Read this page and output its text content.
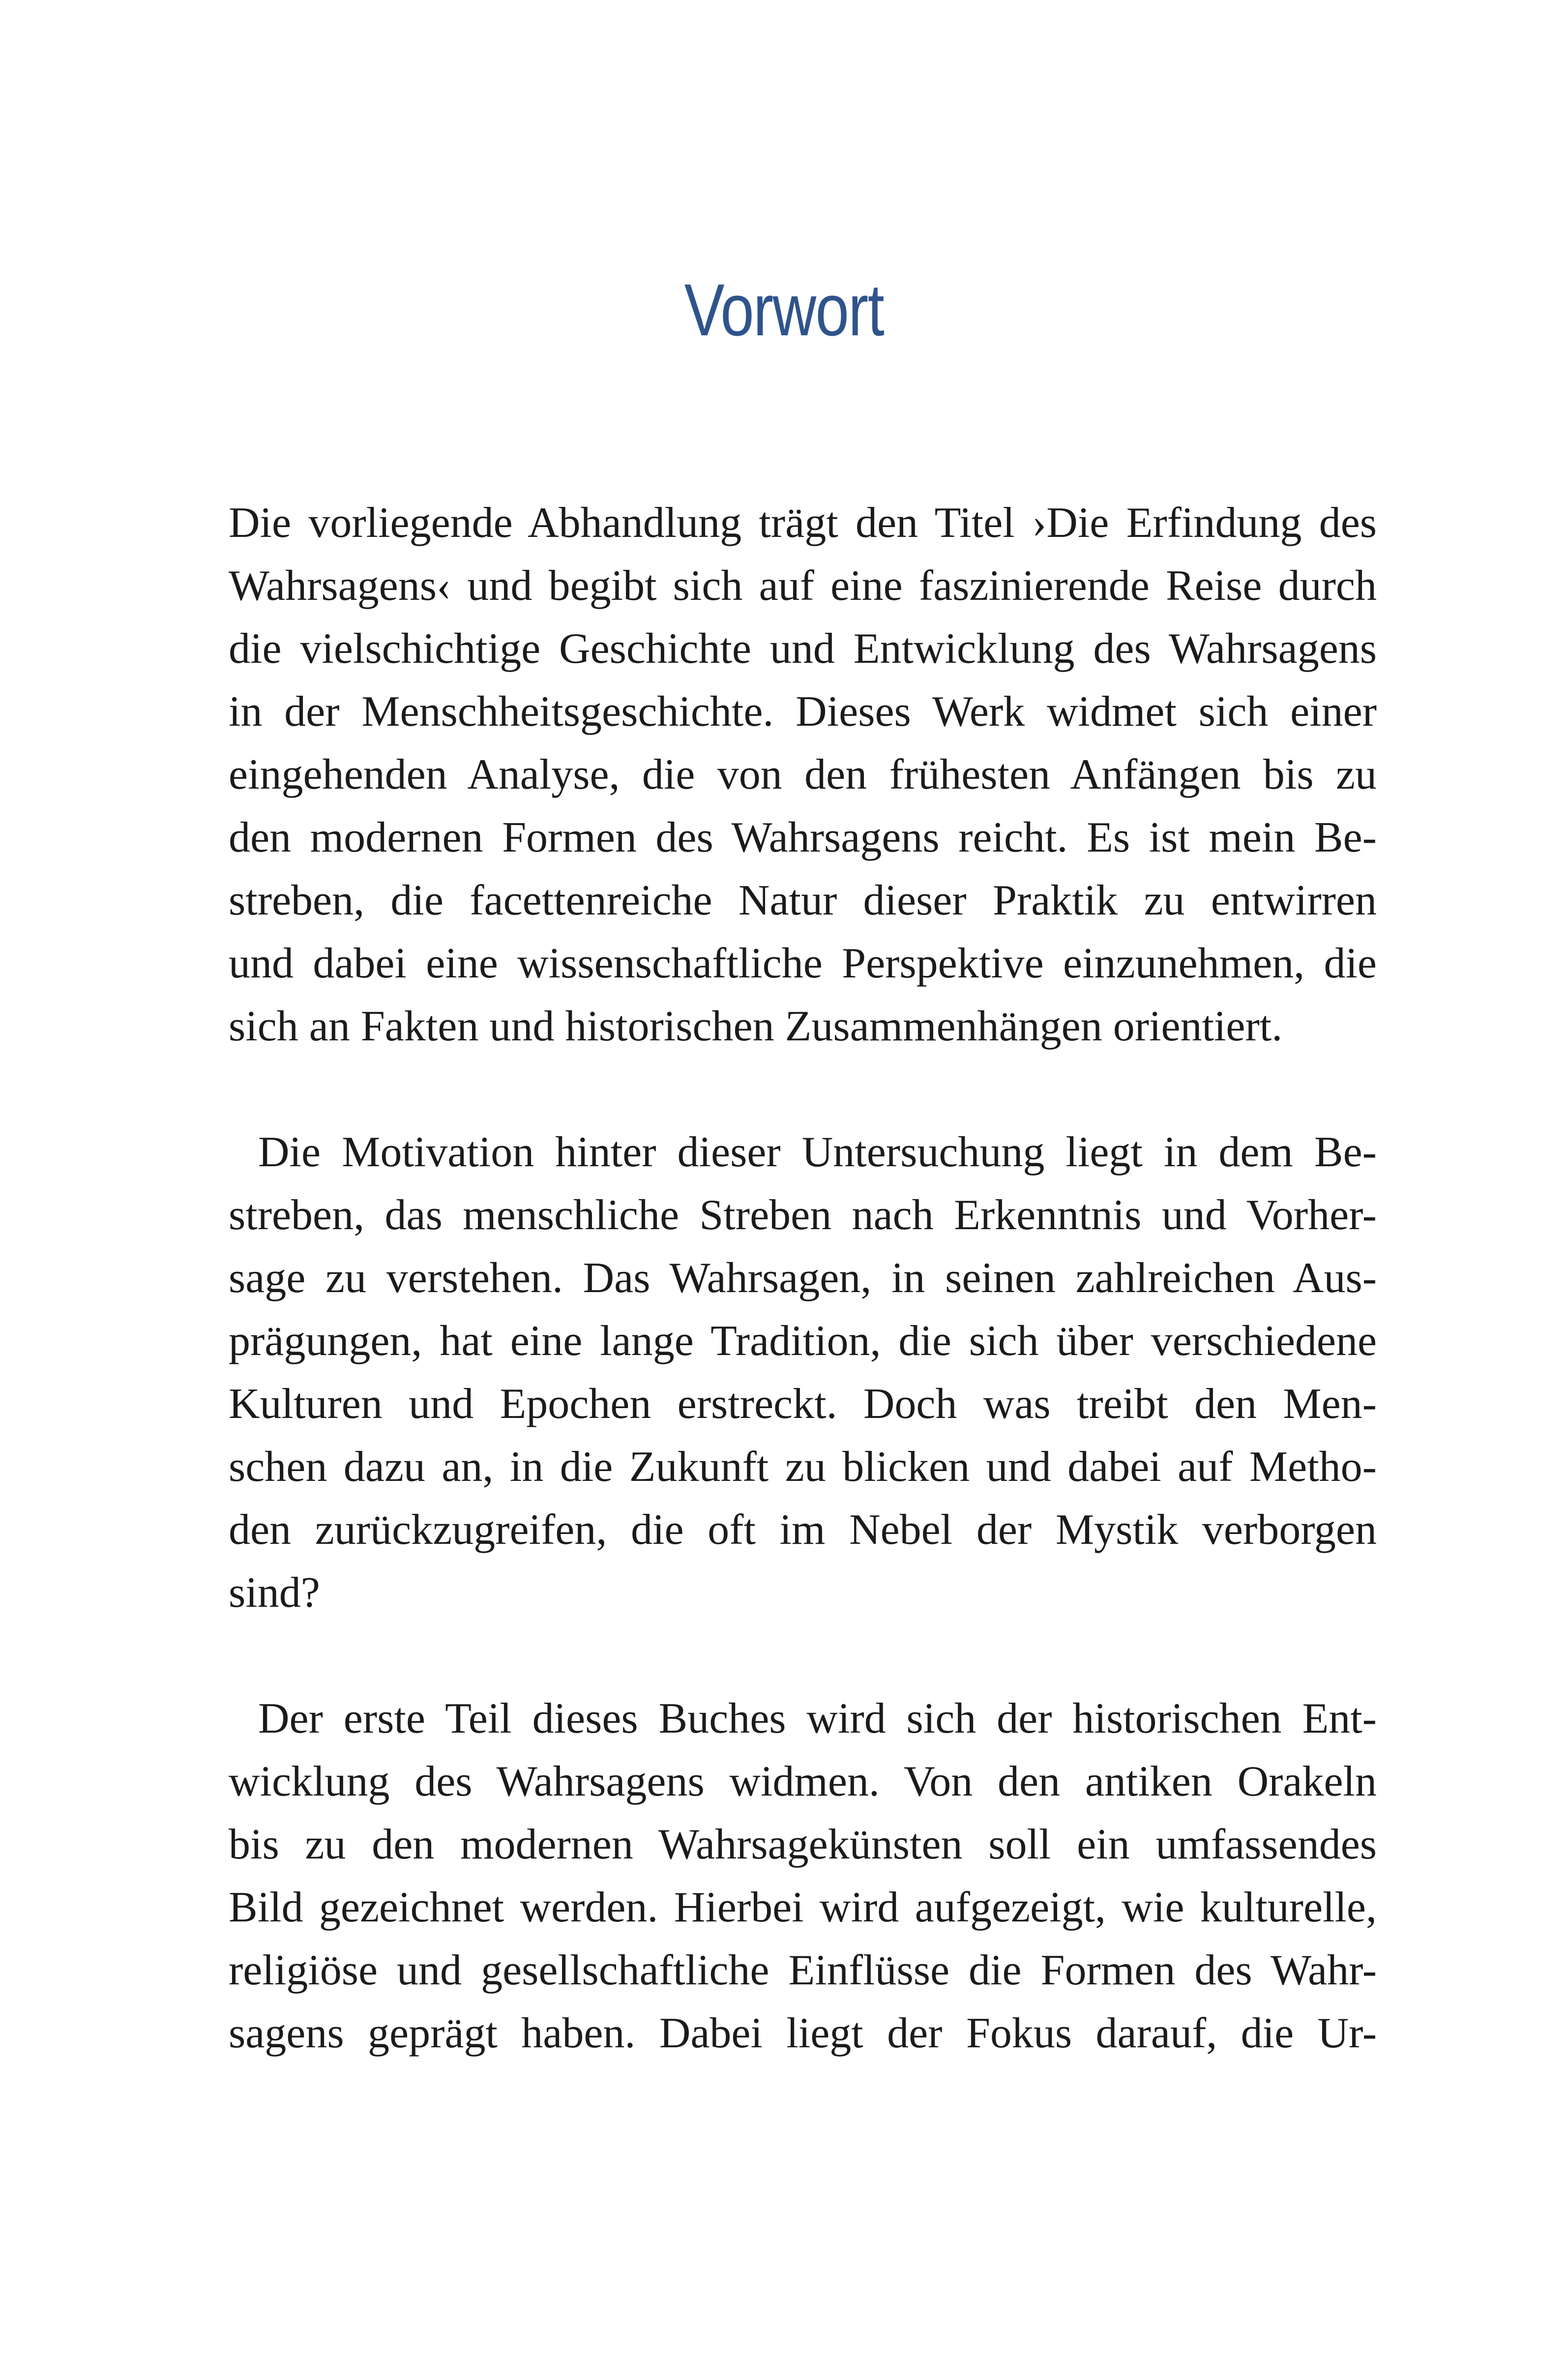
Vorwort

Die vorliegende Abhandlung trägt den Titel ›Die Erfindung des
Wahrsagens‹ und begibt sich auf eine faszinierende Reise durch
die vielschichtige Geschichte und Entwicklung des Wahrsagens
in der Menschheitsgeschichte. Dieses Werk widmet sich einer
eingehenden Analyse, die von den frühesten Anfängen bis zu
den modernen Formen des Wahrsagens reicht. Es ist mein Be-
streben, die facettenreiche Natur dieser Praktik zu entwirren
und dabei eine wissenschaftliche Perspektive einzunehmen, die
sich an Fakten und historischen Zusammenhängen orientiert.

Die Motivation hinter dieser Untersuchung liegt in dem Be-
streben, das menschliche Streben nach Erkenntnis und Vorher-
sage zu verstehen. Das Wahrsagen, in seinen zahlreichen Aus-
prägungen, hat eine lange Tradition, die sich über verschiedene
Kulturen und Epochen erstreckt. Doch was treibt den Men-
schen dazu an, in die Zukunft zu blicken und dabei auf Metho-
den zurückzugreifen, die oft im Nebel der Mystik verborgen
sind?

Der erste Teil dieses Buches wird sich der historischen Ent-
wicklung des Wahrsagens widmen. Von den antiken Orakeln
bis zu den modernen Wahrsagekünsten soll ein umfassendes
Bild gezeichnet werden. Hierbei wird aufgezeigt, wie kulturelle,
religiöse und gesellschaftliche Einflüsse die Formen des Wahr-
sagens geprägt haben. Dabei liegt der Fokus darauf, die Ur-
